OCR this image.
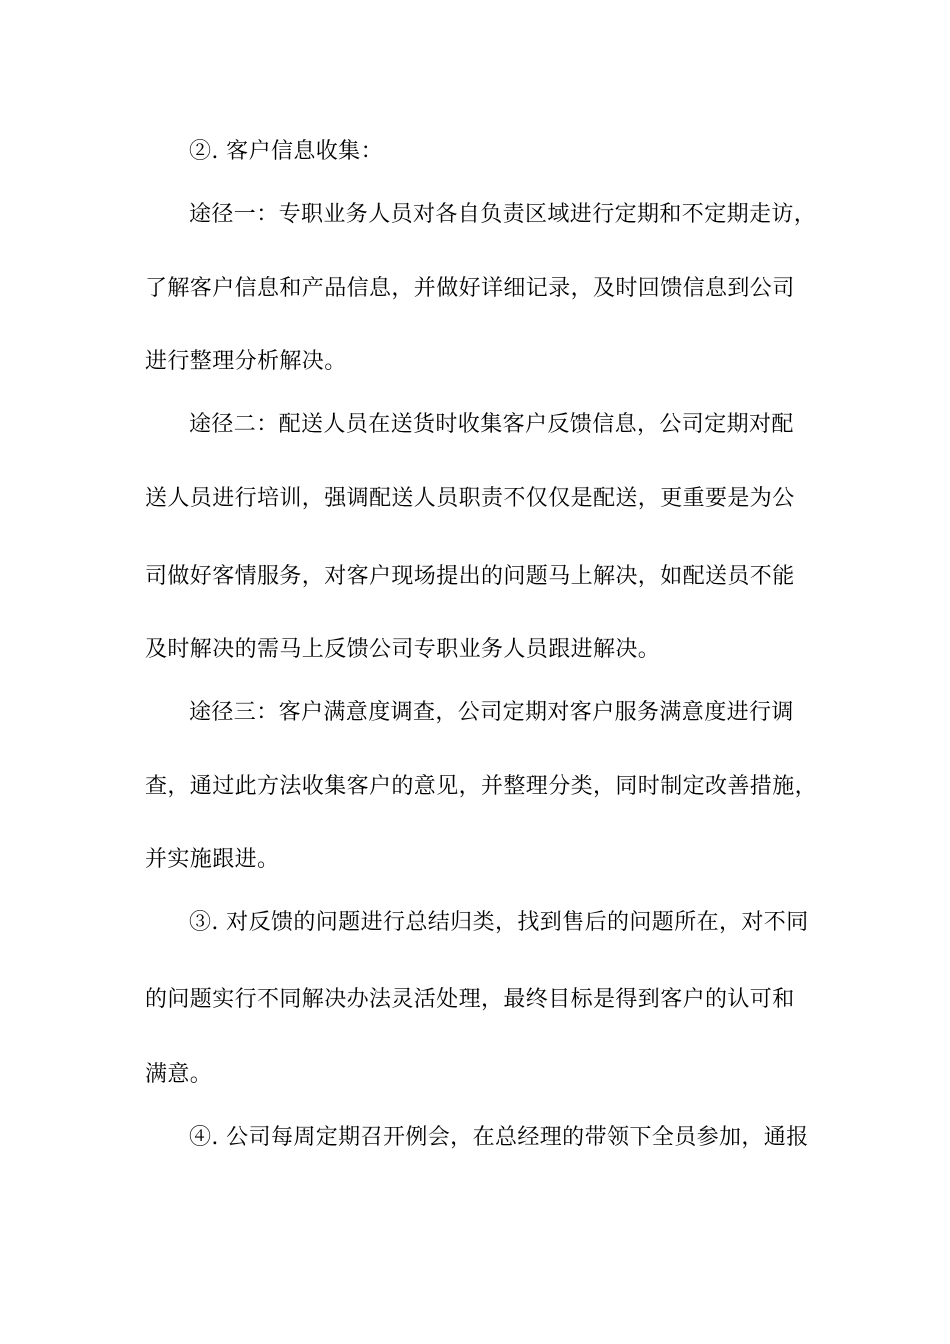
②. 客户信息收集：
途径一：专职业务人员对各自负责区域进行定期和不定期走访，
了解客户信息和产品信息，并做好详细记录，及时回馈信息到公司
进行整理分析解决。
途径二：配送人员在送货时收集客户反馈信息，公司定期对配
送人员进行培训，强调配送人员职责不仅仅是配送，更重要是为公
司做好客情服务，对客户现场提出的问题马上解决，如配送员不能
及时解决的需马上反馈公司专职业务人员跟进解决。
途径三：客户满意度调查，公司定期对客户服务满意度进行调
查，通过此方法收集客户的意见，并整理分类，同时制定改善措施，
并实施跟进。
③. 对反馈的问题进行总结归类，找到售后的问题所在，对不同
的问题实行不同解决办法灵活处理，最终目标是得到客户的认可和
满意。
④. 公司每周定期召开例会，在总经理的带领下全员参加，通报
